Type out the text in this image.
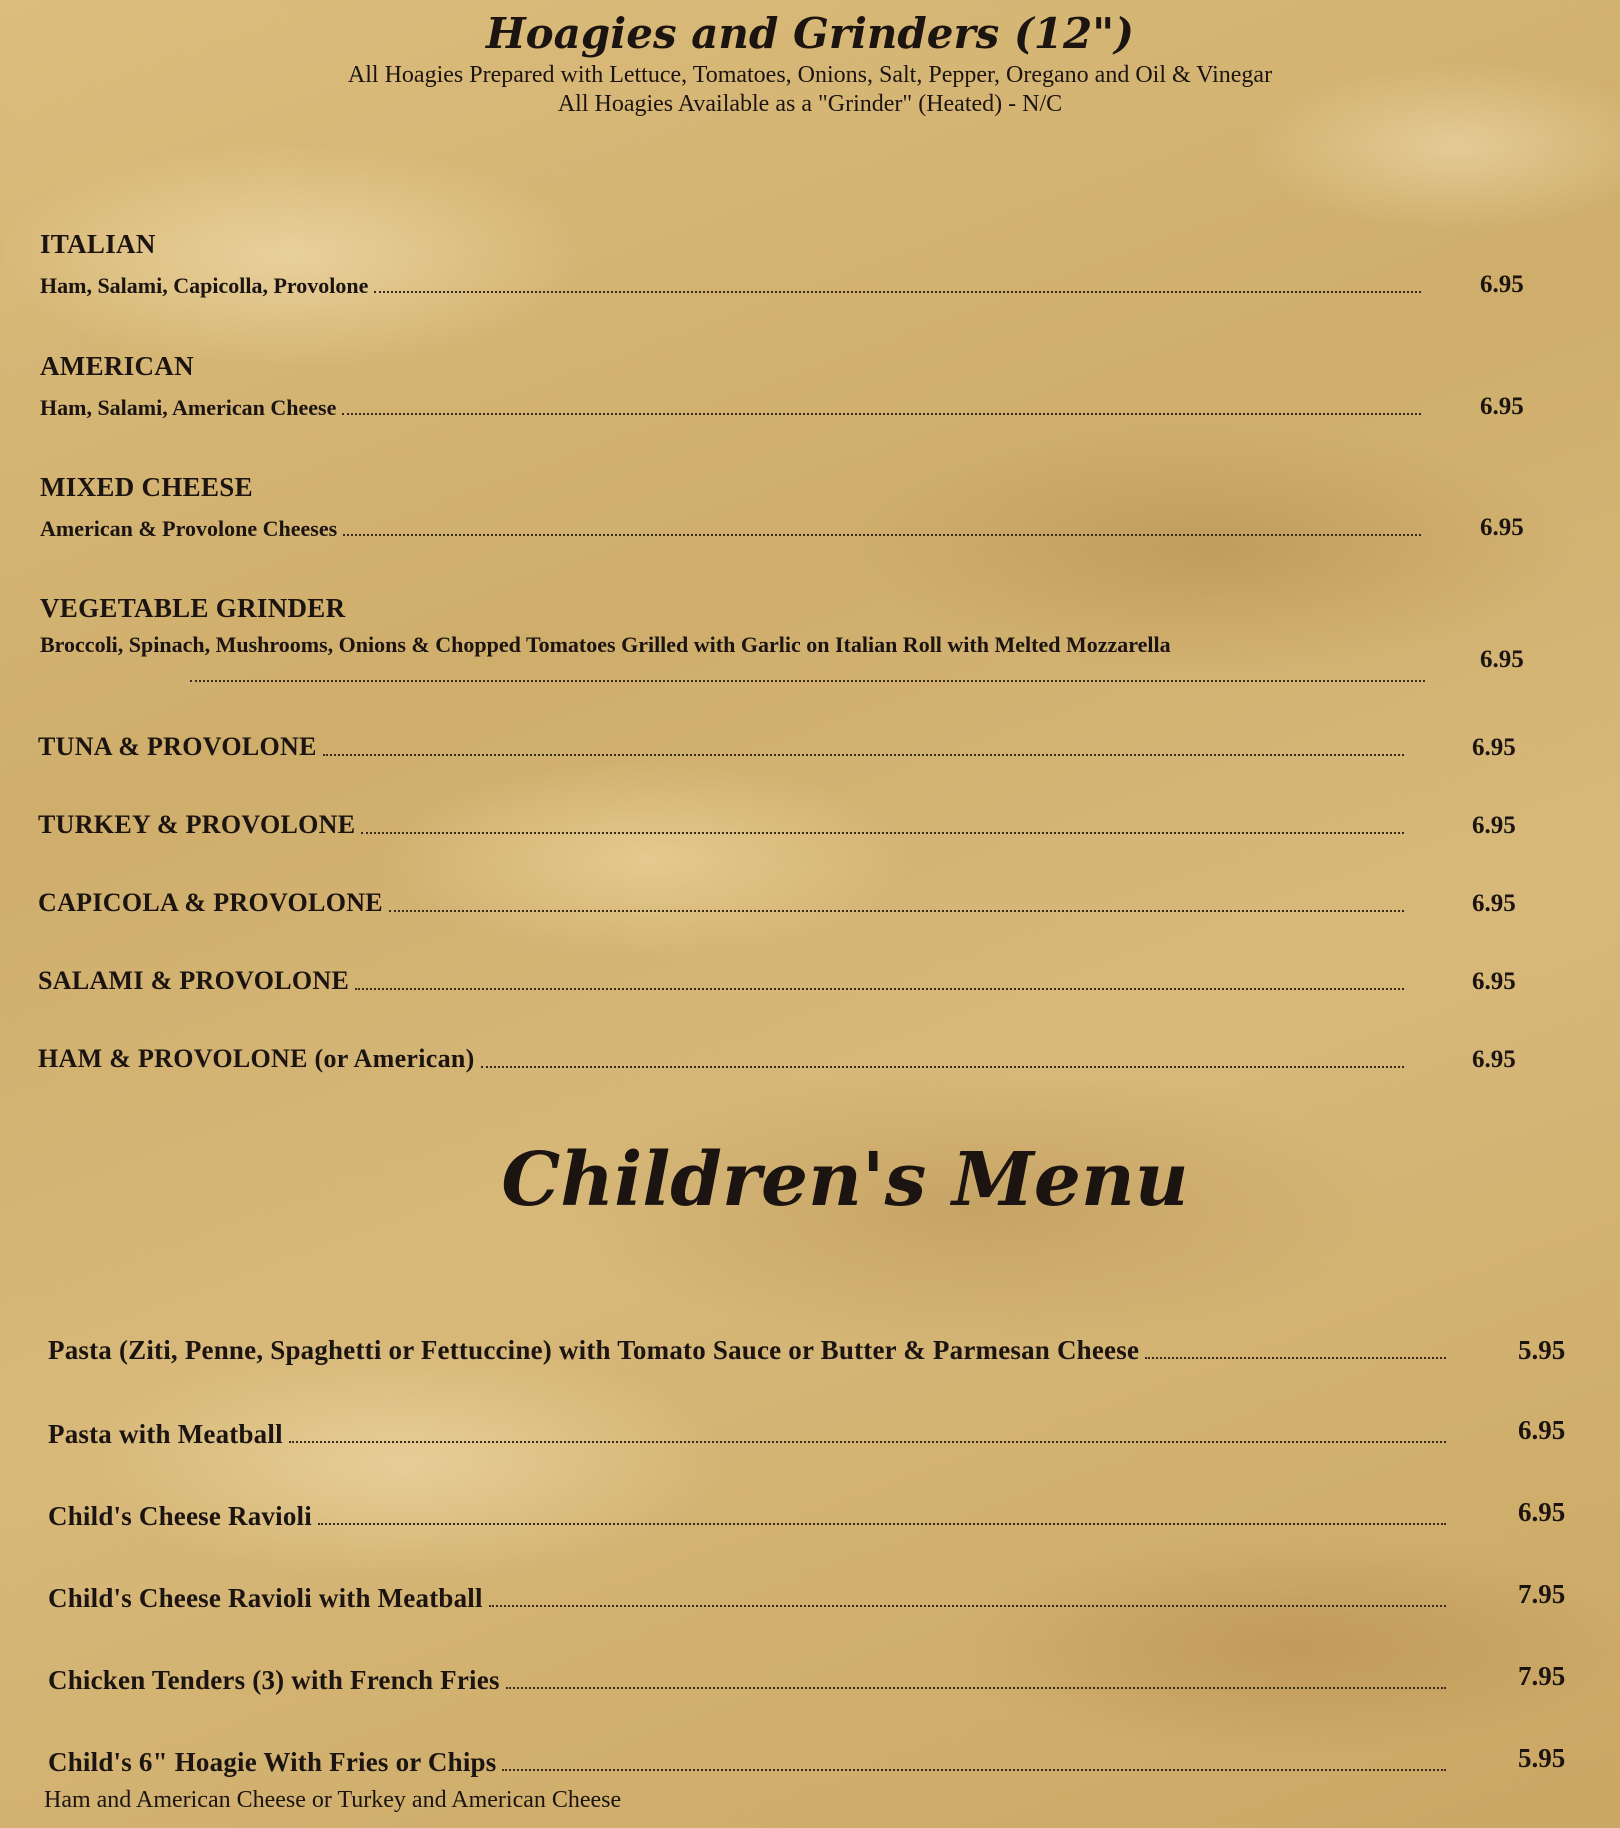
Hoagies and Grinders (12")

All Hoagies Prepared with Lettuce, Tomatoes, Onions, Salt, Pepper, Oregano and Oil & Vinegar

All Hoagies Available as a "Grinder" (Heated) - N/C

ITALIAN
Ham, Salami, Capicolla, Provolone	6.95
AMERICAN
Ham, Salami, American Cheese	6.95
MIXED CHEESE
American & Provolone Cheeses	6.95
VEGETABLE GRINDER
Broccoli, Spinach, Mushrooms, Onions & Chopped Tomatoes Grilled with Garlic on Italian Roll with Melted Mozzarella
6.95
TUNA & PROVOLONE	6.95
TURKEY & PROVOLONE	6.95
CAPICOLA & PROVOLONE	6.95
SALAMI & PROVOLONE	6.95
HAM & PROVOLONE (or American)	6.95
Children's Menu
Pasta (Ziti, Penne, Spaghetti or Fettuccine) with Tomato Sauce or Butter & Parmesan Cheese	5.95
Pasta with Meatball	6.95
Child's Cheese Ravioli	6.95
Child's Cheese Ravioli with Meatball	7.95
Chicken Tenders (3) with French Fries	7.95
Child's 6" Hoagie With Fries or Chips	5.95
Ham and American Cheese or Turkey and American Cheese
